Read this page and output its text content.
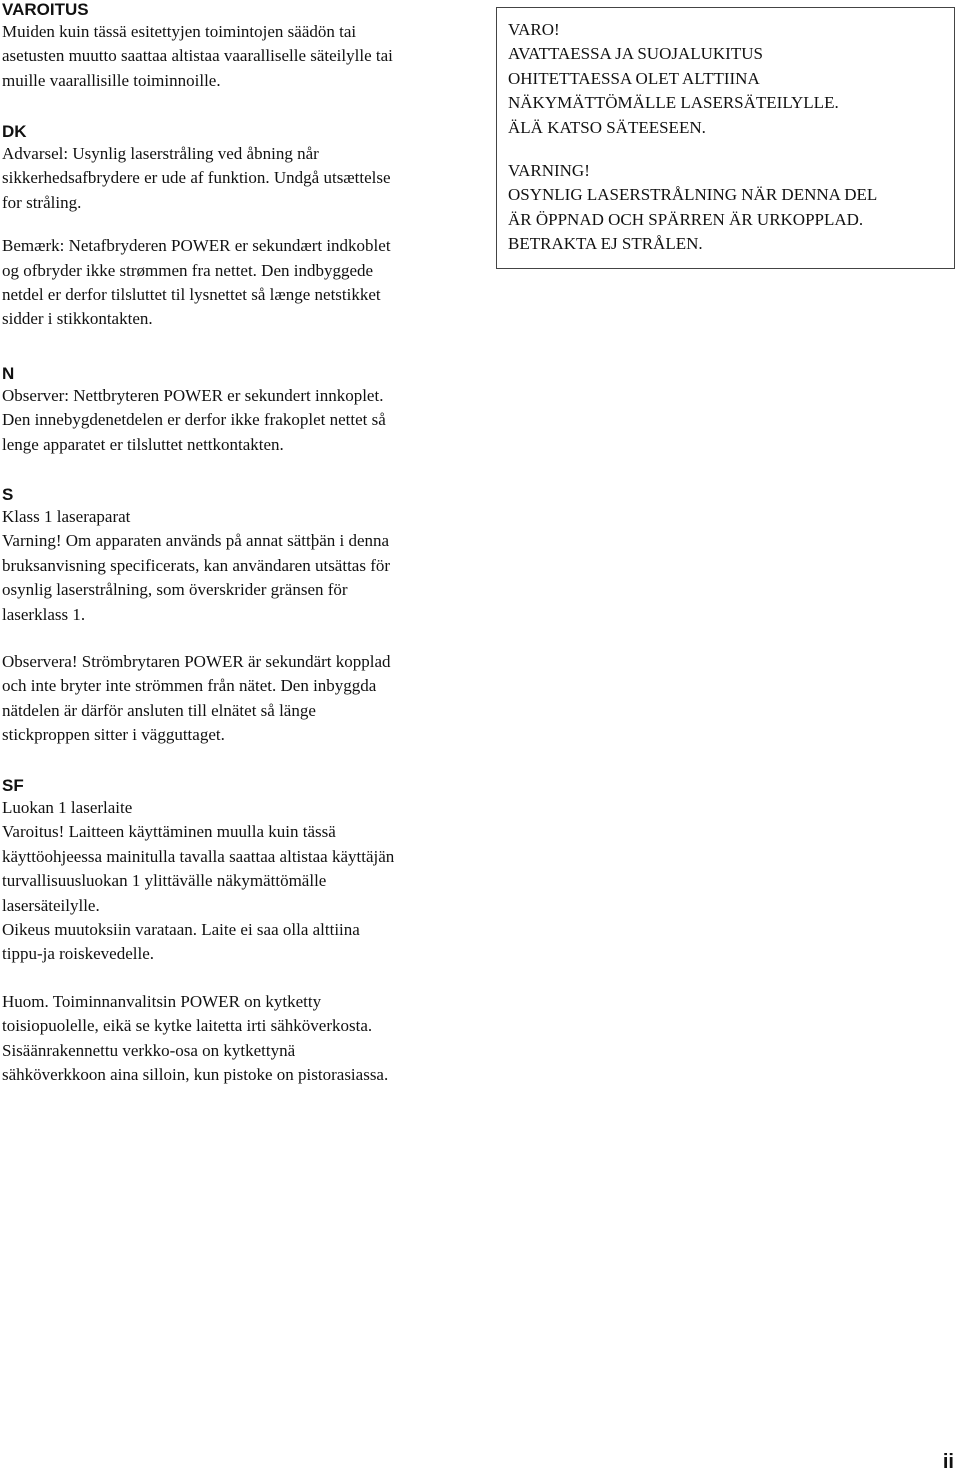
VAROITUS

Muiden kuin tässä esitettyjen toimintojen säädön tai
asetusten muutto saattaa altistaa vaaralliselle säteilylle tai
muille vaarallisille toiminnoille.

DK

Advarsel: Usynlig laserstråling ved åbning når
sikkerhedsafbrydere er ude af funktion. Undgå utsættelse
for stråling.
Bemærk: Netafbryderen POWER er sekundært indkoblet
og ofbryder ikke strømmen fra nettet. Den indbyggede
netdel er derfor tilsluttet til lysnettet så længe netstikket
sidder i stikkontakten.

N

Observer: Nettbryteren POWER er sekundert innkoplet.
Den innebygdenetdelen er derfor ikke frakoplet nettet så
lenge apparatet er tilsluttet nettkontakten.

S

Klass 1 laseraparat
Varning! Om apparaten används på annat sättþän i denna
bruksanvisning specificerats, kan användaren utsättas för
osynlig laserstrålning, som överskrider gränsen för
laserklass 1.
Observera! Strömbrytaren POWER är sekundärt kopplad
och inte bryter inte strömmen från nätet. Den inbyggda
nätdelen är därför ansluten till elnätet så länge
stickproppen sitter i vägguttaget.

SF

Luokan 1 laserlaite
Varoitus! Laitteen käyttäminen muulla kuin tässä
käyttöohjeessa mainitulla tavalla saattaa altistaa käyttäjän
turvallisuusluokan 1 ylittävälle näkymättömälle
lasersäteilylle.
Oikeus muutoksiin varataan. Laite ei saa olla alttiina
tippu-ja roiskevedelle.
Huom. Toiminnanvalitsin POWER on kytketty
toisiopuolelle, eikä se kytke laitetta irti sähköverkosta.
Sisäänrakennettu verkko-osa on kytkettynä
sähköverkkoon aina silloin, kun pistoke on pistorasiassa.
VARO!
AVATTAESSA JA SUOJALUKITUS
OHITETTAESSA OLET ALTTIINA
NÄKYMÄTTÖMÄLLE LASERSÄTEILYLLE.
ÄLÄ KATSO SÄTEESEEN.
VARNING!
OSYNLIG LASERSTRÅLNING NÄR DENNA DEL
ÄR ÖPPNAD OCH SPÄRREN ÄR URKOPPLAD.
BETRAKTA EJ STRÅLEN.
ii
